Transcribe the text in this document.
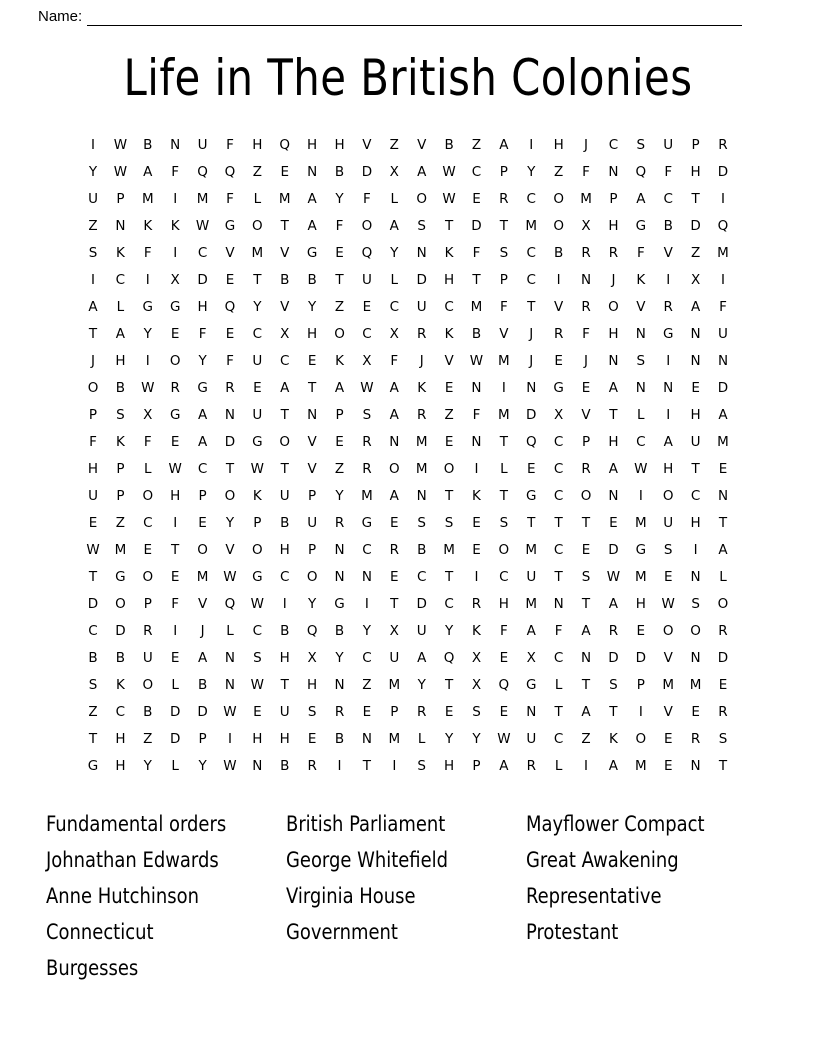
Name:
Life in The British Colonies
I	W	B	N	U	F	H	Q	H	H	V	Z	V	B	Z	A	I	H	J	C	S	U	P	R
Y	W	A	F	Q	Q	Z	E	N	B	D	X	A	W	C	P	Y	Z	F	N	Q	F	H	D
U	P	M	I	M	F	L	M	A	Y	F	L	O	W	E	R	C	O	M	P	A	C	T	I
Z	N	K	K	W	G	O	T	A	F	O	A	S	T	D	T	M	O	X	H	G	B	D	Q
S	K	F	I	C	V	M	V	G	E	Q	Y	N	K	F	S	C	B	R	R	F	V	Z	M
I	C	I	X	D	E	T	B	B	T	U	L	D	H	T	P	C	I	N	J	K	I	X	I
A	L	G	G	H	Q	Y	V	Y	Z	E	C	U	C	M	F	T	V	R	O	V	R	A	F
T	A	Y	E	F	E	C	X	H	O	C	X	R	K	B	V	J	R	F	H	N	G	N	U
J	H	I	O	Y	F	U	C	E	K	X	F	J	V	W	M	J	E	J	N	S	I	N	N
O	B	W	R	G	R	E	A	T	A	W	A	K	E	N	I	N	G	E	A	N	N	E	D
P	S	X	G	A	N	U	T	N	P	S	A	R	Z	F	M	D	X	V	T	L	I	H	A
F	K	F	E	A	D	G	O	V	E	R	N	M	E	N	T	Q	C	P	H	C	A	U	M
H	P	L	W	C	T	W	T	V	Z	R	O	M	O	I	L	E	C	R	A	W	H	T	E
U	P	O	H	P	O	K	U	P	Y	M	A	N	T	K	T	G	C	O	N	I	O	C	N
E	Z	C	I	E	Y	P	B	U	R	G	E	S	S	E	S	T	T	T	E	M	U	H	T
W	M	E	T	O	V	O	H	P	N	C	R	B	M	E	O	M	C	E	D	G	S	I	A
T	G	O	E	M	W	G	C	O	N	N	E	C	T	I	C	U	T	S	W	M	E	N	L
D	O	P	F	V	Q	W	I	Y	G	I	T	D	C	R	H	M	N	T	A	H	W	S	O
C	D	R	I	J	L	C	B	Q	B	Y	X	U	Y	K	F	A	F	A	R	E	O	O	R
B	B	U	E	A	N	S	H	X	Y	C	U	A	Q	X	E	X	C	N	D	D	V	N	D
S	K	O	L	B	N	W	T	H	N	Z	M	Y	T	X	Q	G	L	T	S	P	M	M	E
Z	C	B	D	D	W	E	U	S	R	E	P	R	E	S	E	N	T	A	T	I	V	E	R
T	H	Z	D	P	I	H	H	E	B	N	M	L	Y	Y	W	U	C	Z	K	O	E	R	S
G	H	Y	L	Y	W	N	B	R	I	T	I	S	H	P	A	R	L	I	A	M	E	N	T
Fundamental orders
Johnathan Edwards
Anne Hutchinson
Connecticut
Burgesses
British Parliament
George Whitefield
Virginia House
Government
Mayflower Compact
Great Awakening
Representative
Protestant
